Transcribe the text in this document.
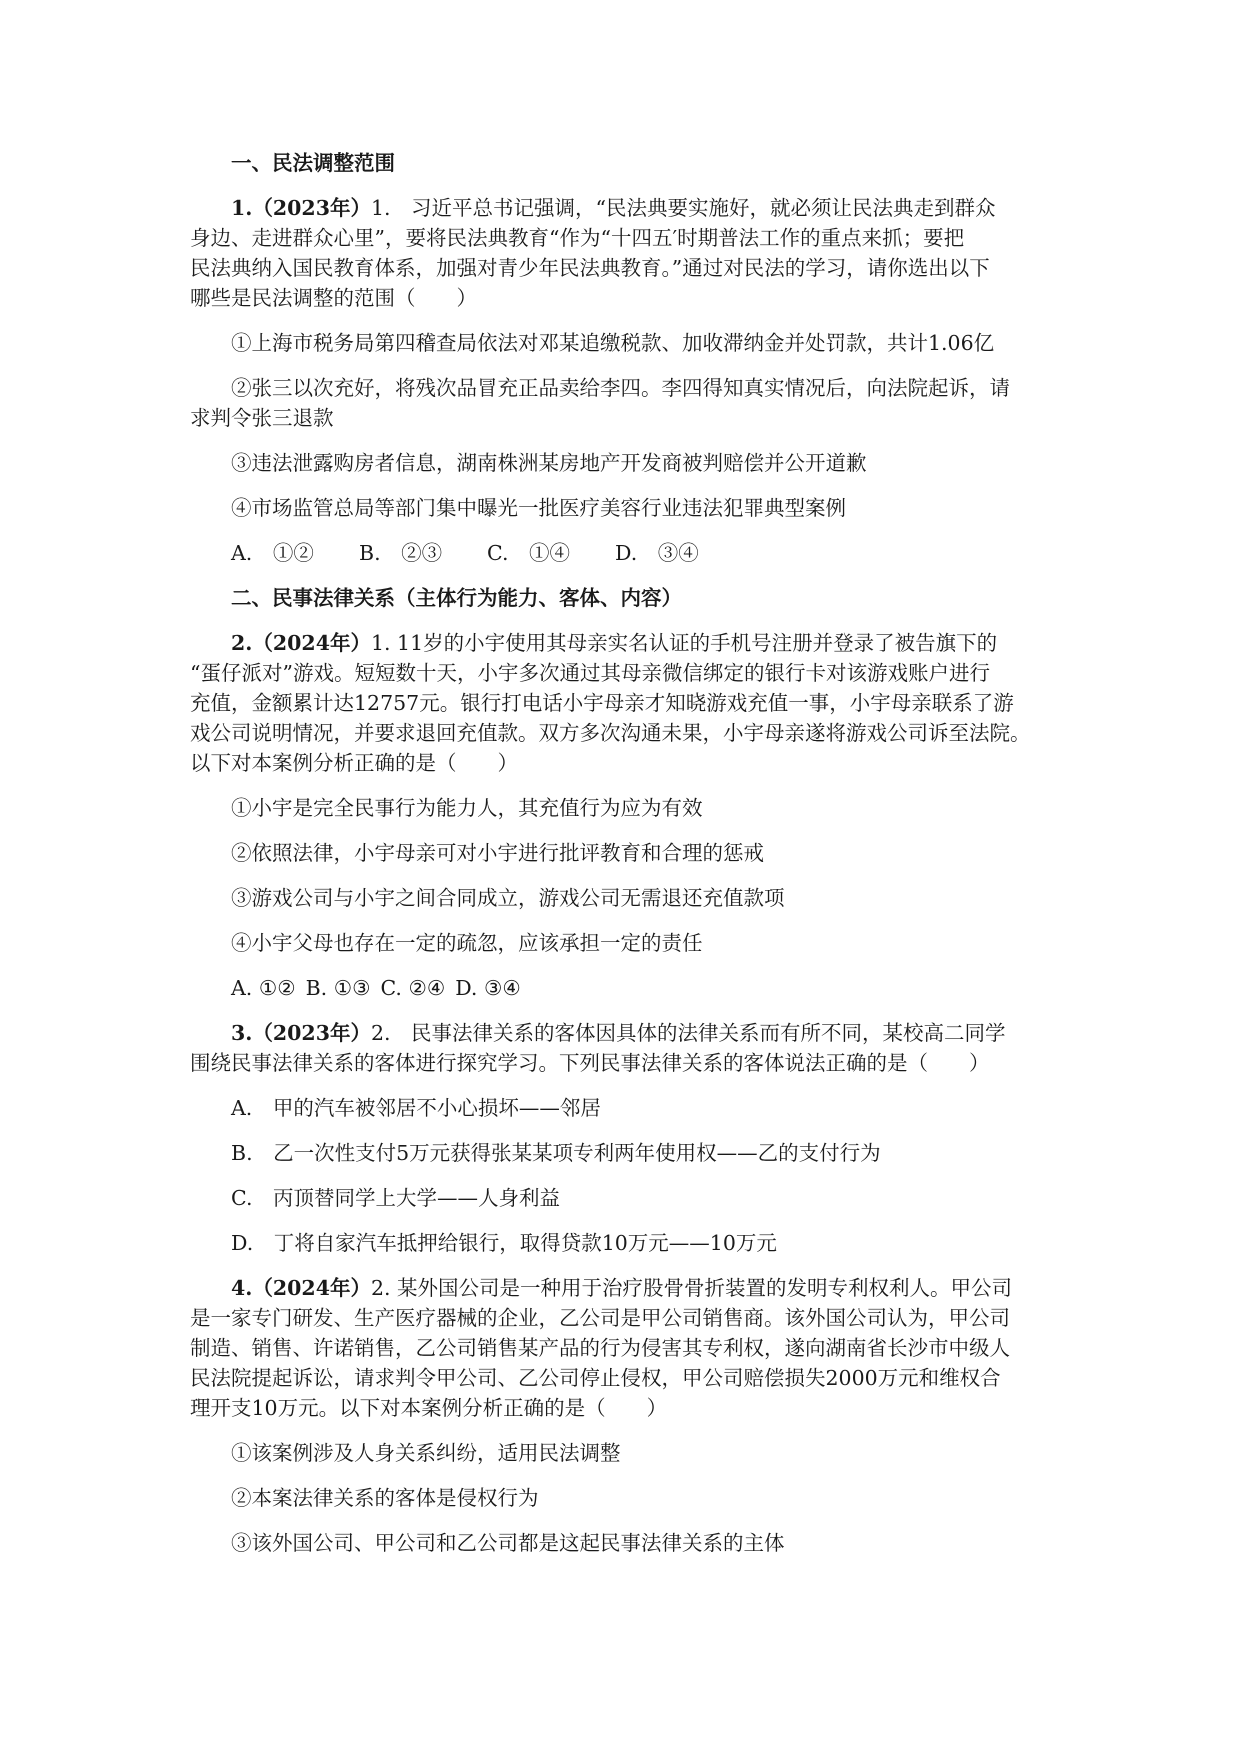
一、民法调整范围
1.（2023年）1.　习近平总书记强调，“民法典要实施好，就必须让民法典走到群众
身边、走进群众心里”，要将民法典教育“作为“十四五′时期普法工作的重点来抓；要把
民法典纳入国民教育体系，加强对青少年民法典教育。”通过对民法的学习，请你选出以下
哪些是民法调整的范围（　　）
①上海市税务局第四稽查局依法对邓某追缴税款、加收滞纳金并处罚款，共计1.06亿
②张三以次充好，将残次品冒充正品卖给李四。李四得知真实情况后，向法院起诉，请
求判令张三退款
③违法泄露购房者信息，湖南株洲某房地产开发商被判赔偿并公开道歉
④市场监管总局等部门集中曝光一批医疗美容行业违法犯罪典型案例
A.　①② B.　②③ C.　①④ D.　③④
二、民事法律关系（主体行为能力、客体、内容）
2.（2024年）1. 11岁的小宇使用其母亲实名认证的手机号注册并登录了被告旗下的
“蛋仔派对”游戏。短短数十天，小宇多次通过其母亲微信绑定的银行卡对该游戏账户进行
充值，金额累计达12757元。银行打电话小宇母亲才知晓游戏充值一事，小宇母亲联系了游
戏公司说明情况，并要求退回充值款。双方多次沟通未果，小宇母亲遂将游戏公司诉至法院。
以下对本案例分析正确的是（　　）
①小宇是完全民事行为能力人，其充值行为应为有效
②依照法律，小宇母亲可对小宇进行批评教育和合理的惩戒
③游戏公司与小宇之间合同成立，游戏公司无需退还充值款项
④小宇父母也存在一定的疏忽，应该承担一定的责任
A. ①② B. ①③ C. ②④ D. ③④
3.（2023年）2.　民事法律关系的客体因具体的法律关系而有所不同，某校高二同学
围绕民事法律关系的客体进行探究学习。下列民事法律关系的客体说法正确的是（　　）
A.　甲的汽车被邻居不小心损坏——邻居
B.　乙一次性支付5万元获得张某某项专利两年使用权——乙的支付行为
C.　丙顶替同学上大学——人身利益
D.　丁将自家汽车抵押给银行，取得贷款10万元——10万元
4.（2024年）2. 某外国公司是一种用于治疗股骨骨折装置的发明专利权利人。甲公司
是一家专门研发、生产医疗器械的企业，乙公司是甲公司销售商。该外国公司认为，甲公司
制造、销售、许诺销售，乙公司销售某产品的行为侵害其专利权，遂向湖南省长沙市中级人
民法院提起诉讼，请求判令甲公司、乙公司停止侵权，甲公司赔偿损失2000万元和维权合
理开支10万元。以下对本案例分析正确的是（　　）
①该案例涉及人身关系纠纷，适用民法调整
②本案法律关系的客体是侵权行为
③该外国公司、甲公司和乙公司都是这起民事法律关系的主体
